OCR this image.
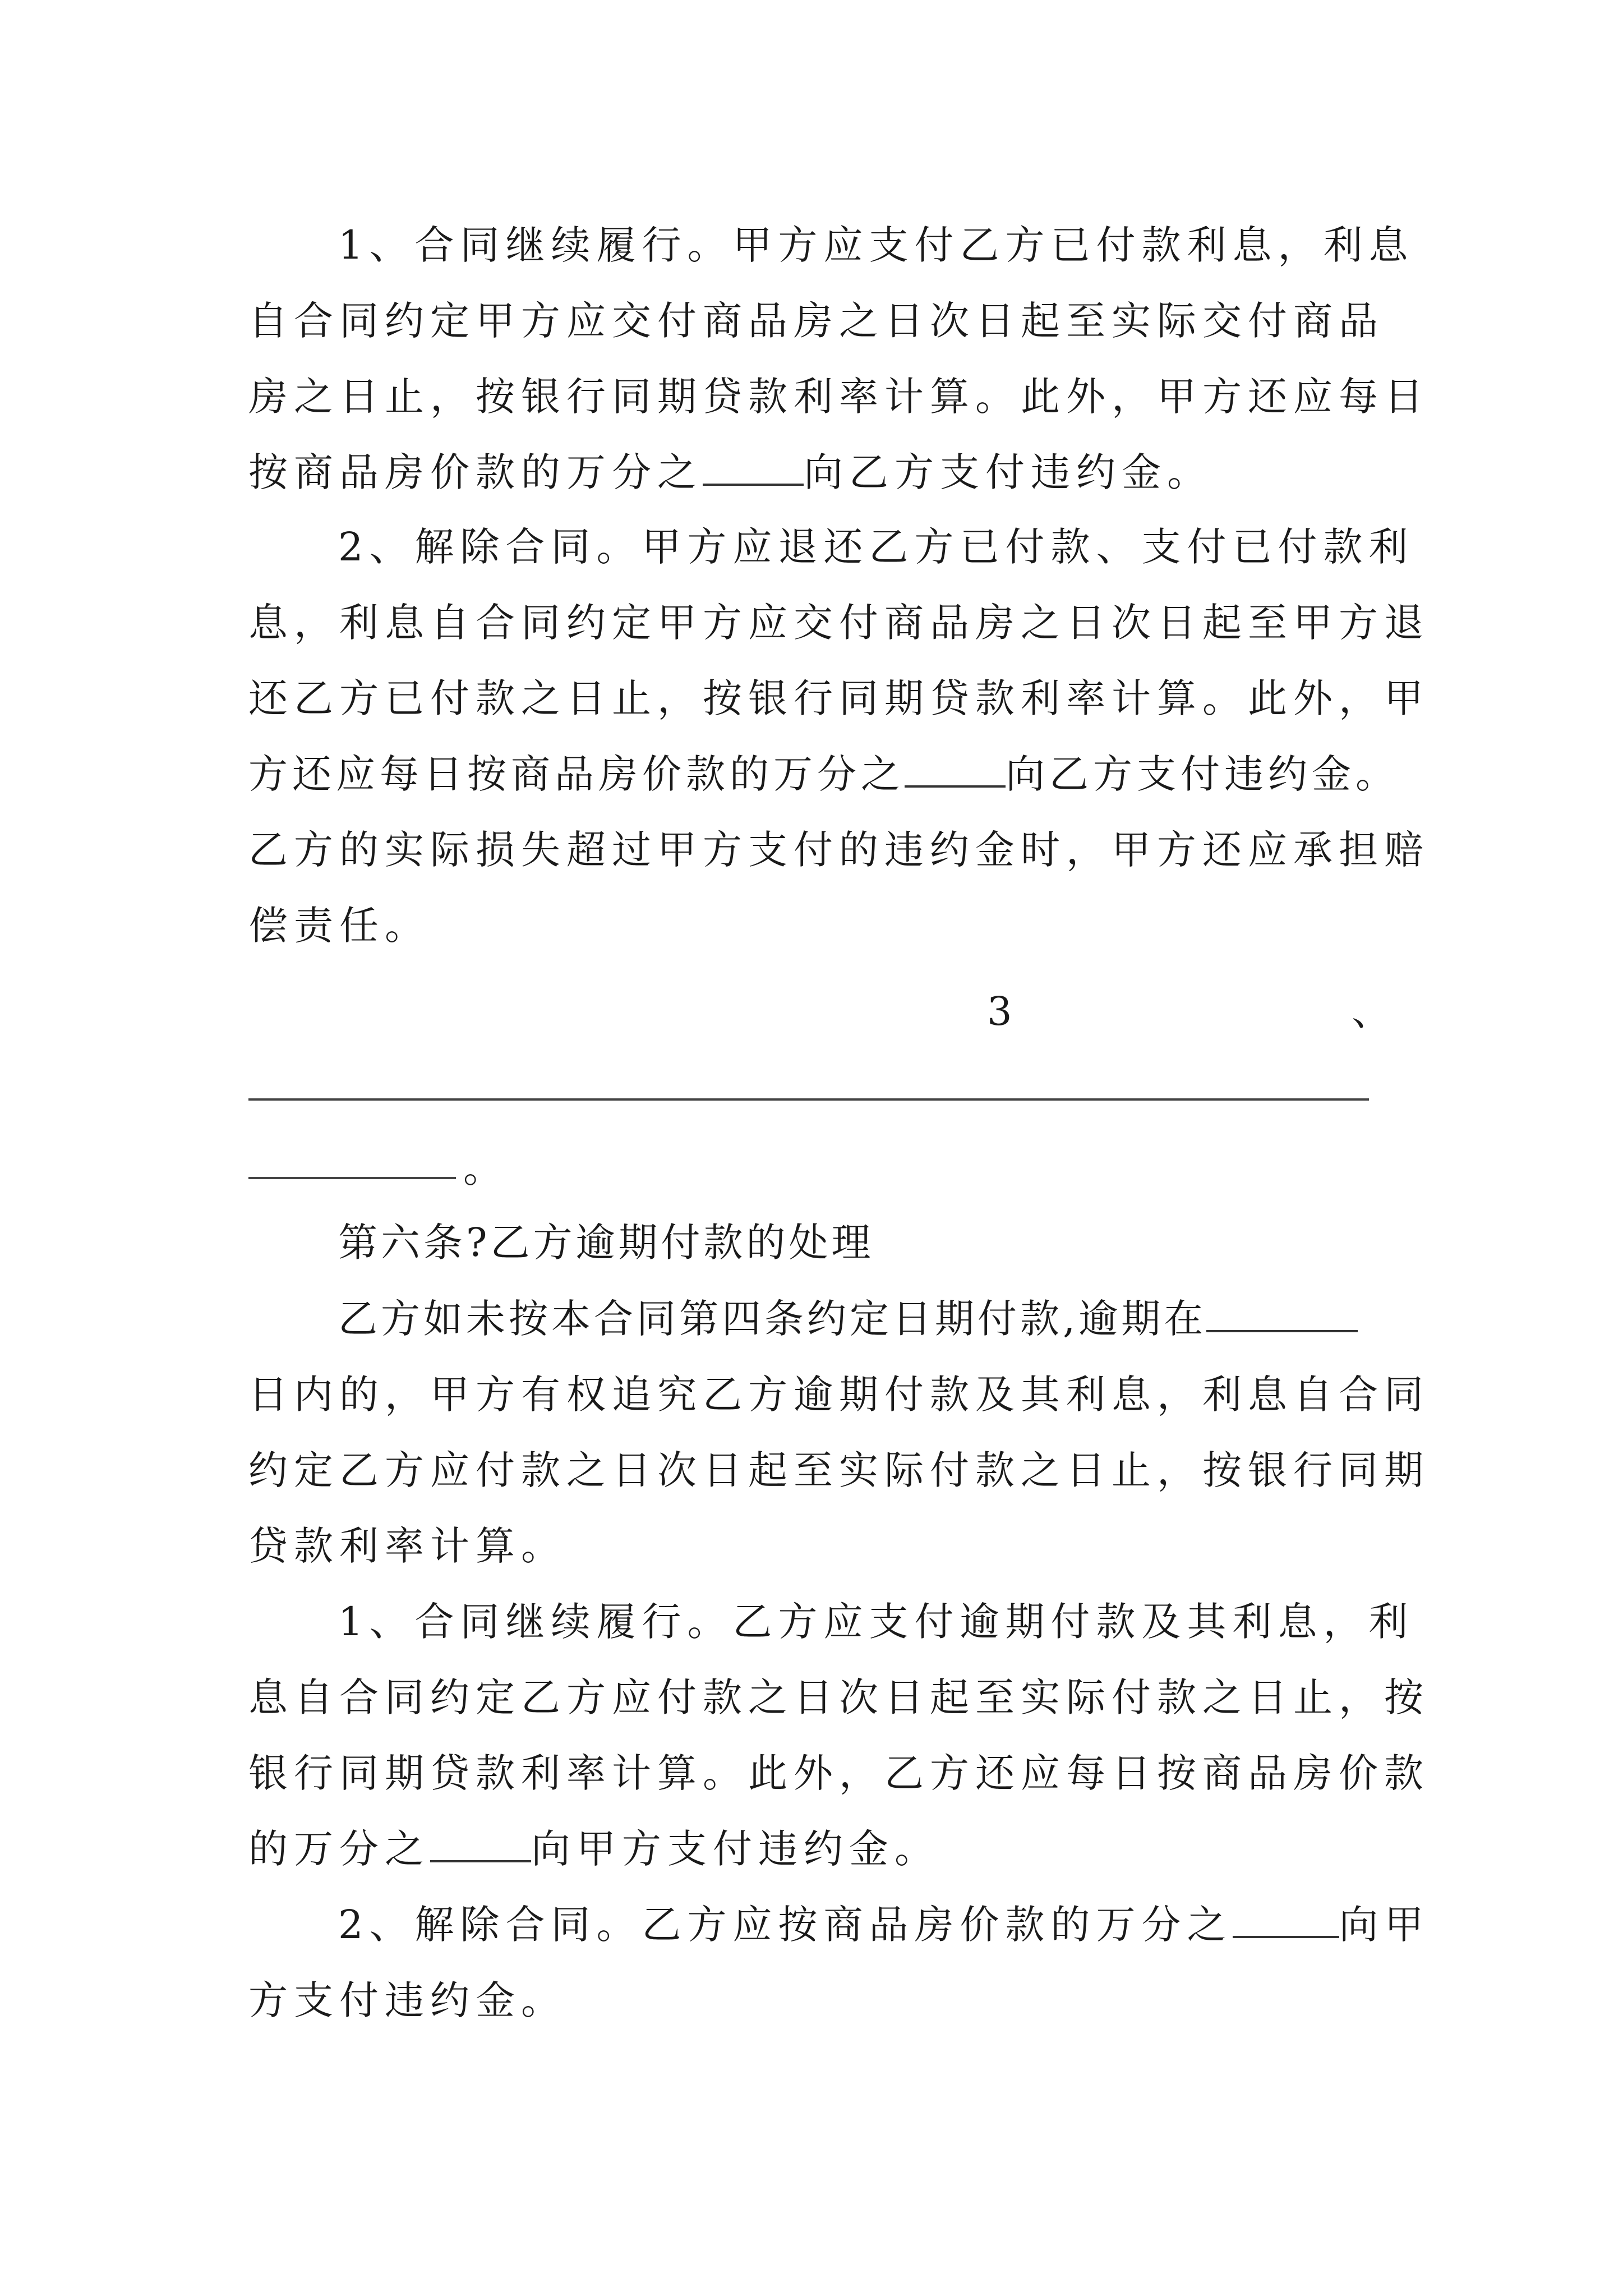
1、合同继续履行。甲方应支付乙方已付款利息，利息
自合同约定甲方应交付商品房之日次日起至实际交付商品
房之日止，按银行同期贷款利率计算。此外，甲方还应每日
按商品房价款的万分之	向乙方支付违约金。
2、解除合同。甲方应退还乙方已付款、支付已付款利
息，利息自合同约定甲方应交付商品房之日次日起至甲方退
还乙方已付款之日止，按银行同期贷款利率计算。此外，甲
方还应每日按商品房价款的万分之	向乙方支付违约金。
乙方的实际损失超过甲方支付的违约金时，甲方还应承担赔
偿责任。
3	、
。
第六条?乙方逾期付款的处理
乙方如未按本合同第四条约定日期付款,逾期在
日内的，甲方有权追究乙方逾期付款及其利息，利息自合同
约定乙方应付款之日次日起至实际付款之日止，按银行同期
贷款利率计算。
1、合同继续履行。乙方应支付逾期付款及其利息，利
息自合同约定乙方应付款之日次日起至实际付款之日止，按
银行同期贷款利率计算。此外，乙方还应每日按商品房价款
的万分之	向甲方支付违约金。
2、解除合同。乙方应按商品房价款的万分之	向甲
方支付违约金。
